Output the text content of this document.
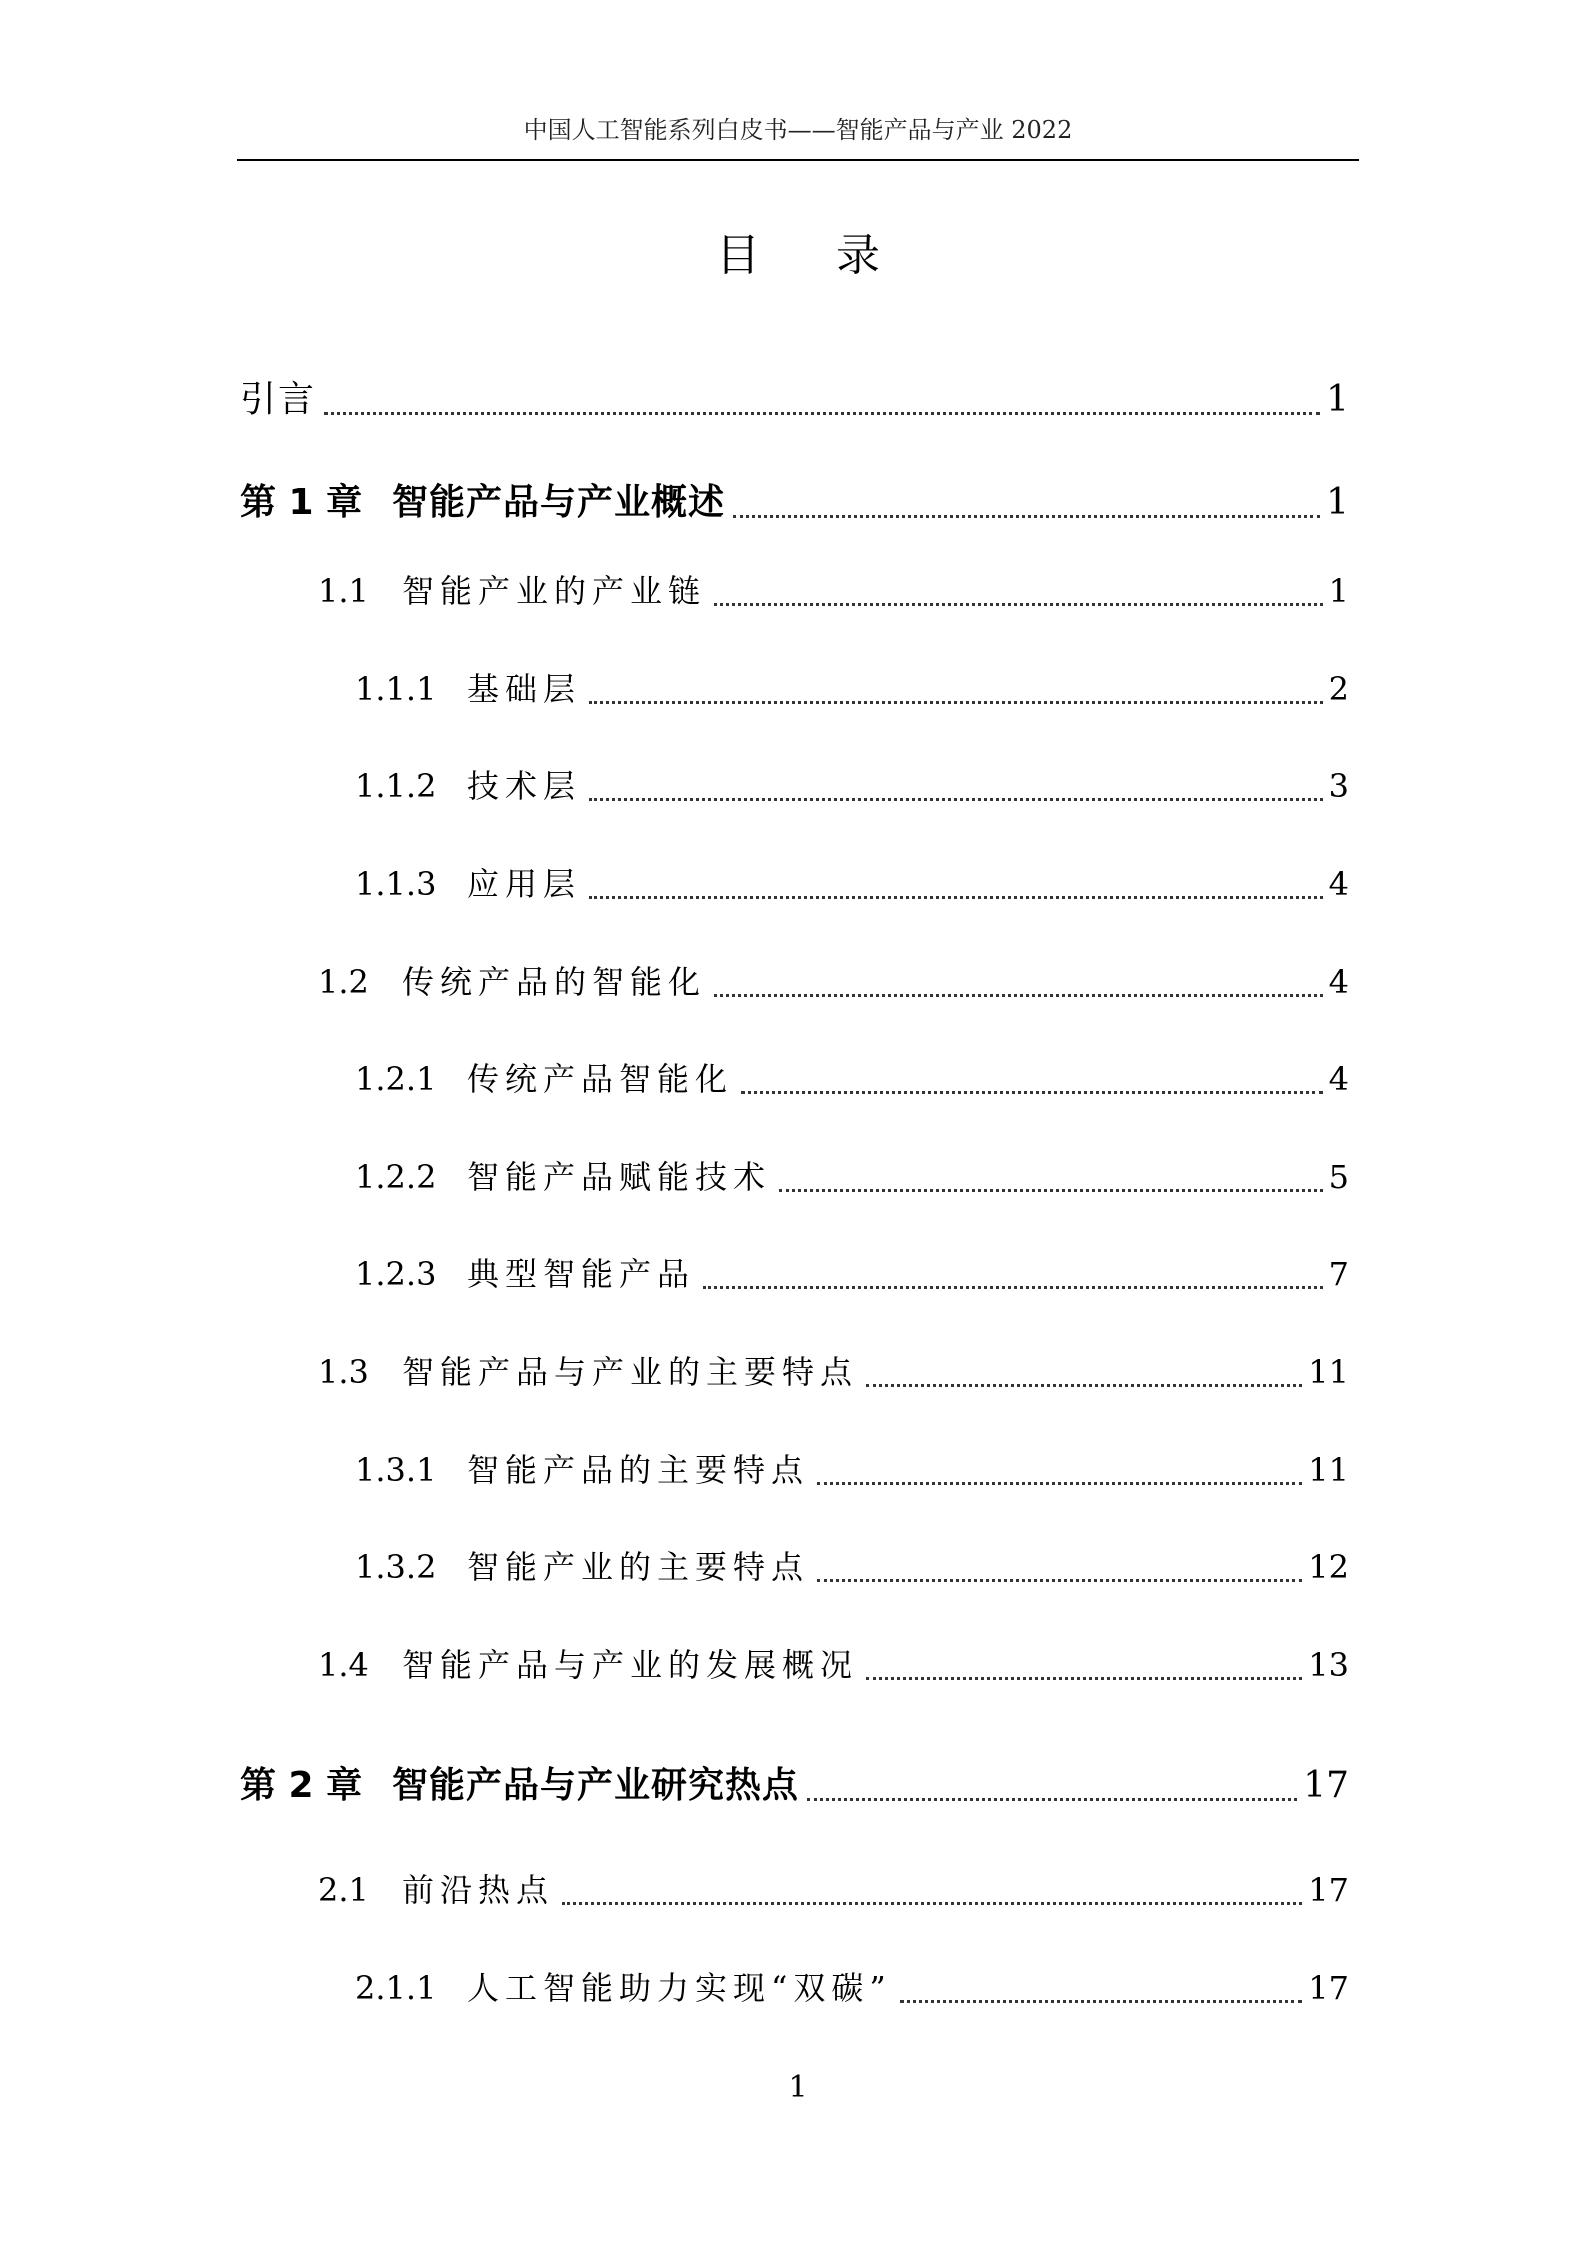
中国人工智能系列白皮书——智能产品与产业 2022
目录
引言	1
第 1 章 智能产品与产业概述	1
1.1	智能产业的产业链	1
1.1.1 基础层	2
1.1.2 技术层	3
1.1.3 应用层	4
1.2	传统产品的智能化	4
1.2.1 传统产品智能化	4
1.2.2 智能产品赋能技术	5
1.2.3 典型智能产品	7
1.3	智能产品与产业的主要特点	11
1.3.1 智能产品的主要特点	11
1.3.2 智能产业的主要特点	12
1.4	智能产品与产业的发展概况	13
第 2 章 智能产品与产业研究热点	17
2.1	前沿热点	17
2.1.1 人工智能助力实现“双碳”	17
1
